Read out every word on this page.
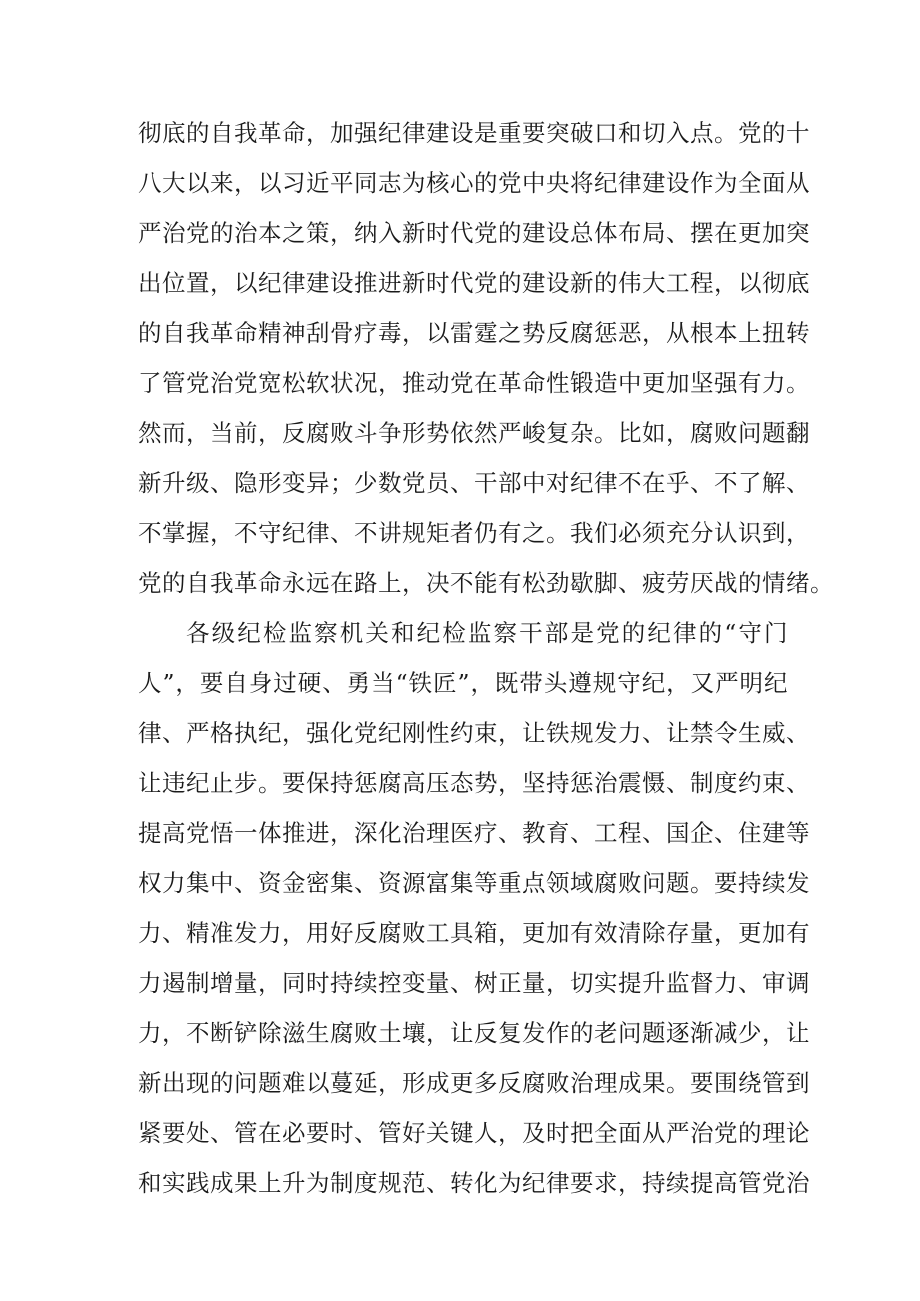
彻底的自我革命，加强纪律建设是重要突破口和切入点。党的十
八大以来，以习近平同志为核心的党中央将纪律建设作为全面从
严治党的治本之策，纳入新时代党的建设总体布局、摆在更加突
出位置，以纪律建设推进新时代党的建设新的伟大工程，以彻底
的自我革命精神刮骨疗毒，以雷霆之势反腐惩恶，从根本上扭转
了管党治党宽松软状况，推动党在革命性锻造中更加坚强有力。
然而，当前，反腐败斗争形势依然严峻复杂。比如，腐败问题翻
新升级、隐形变异；少数党员、干部中对纪律不在乎、不了解、
不掌握，不守纪律、不讲规矩者仍有之。我们必须充分认识到，
党的自我革命永远在路上，决不能有松劲歇脚、疲劳厌战的情绪。
各级纪检监察机关和纪检监察干部是党的纪律的“守门
人”，要自身过硬、勇当“铁匠”，既带头遵规守纪，又严明纪
律、严格执纪，强化党纪刚性约束，让铁规发力、让禁令生威、
让违纪止步。要保持惩腐高压态势，坚持惩治震慑、制度约束、
提高党悟一体推进，深化治理医疗、教育、工程、国企、住建等
权力集中、资金密集、资源富集等重点领域腐败问题。要持续发
力、精准发力，用好反腐败工具箱，更加有效清除存量，更加有
力遏制增量，同时持续控变量、树正量，切实提升监督力、审调
力，不断铲除滋生腐败土壤，让反复发作的老问题逐渐减少，让
新出现的问题难以蔓延，形成更多反腐败治理成果。要围绕管到
紧要处、管在必要时、管好关键人，及时把全面从严治党的理论
和实践成果上升为制度规范、转化为纪律要求，持续提高管党治
